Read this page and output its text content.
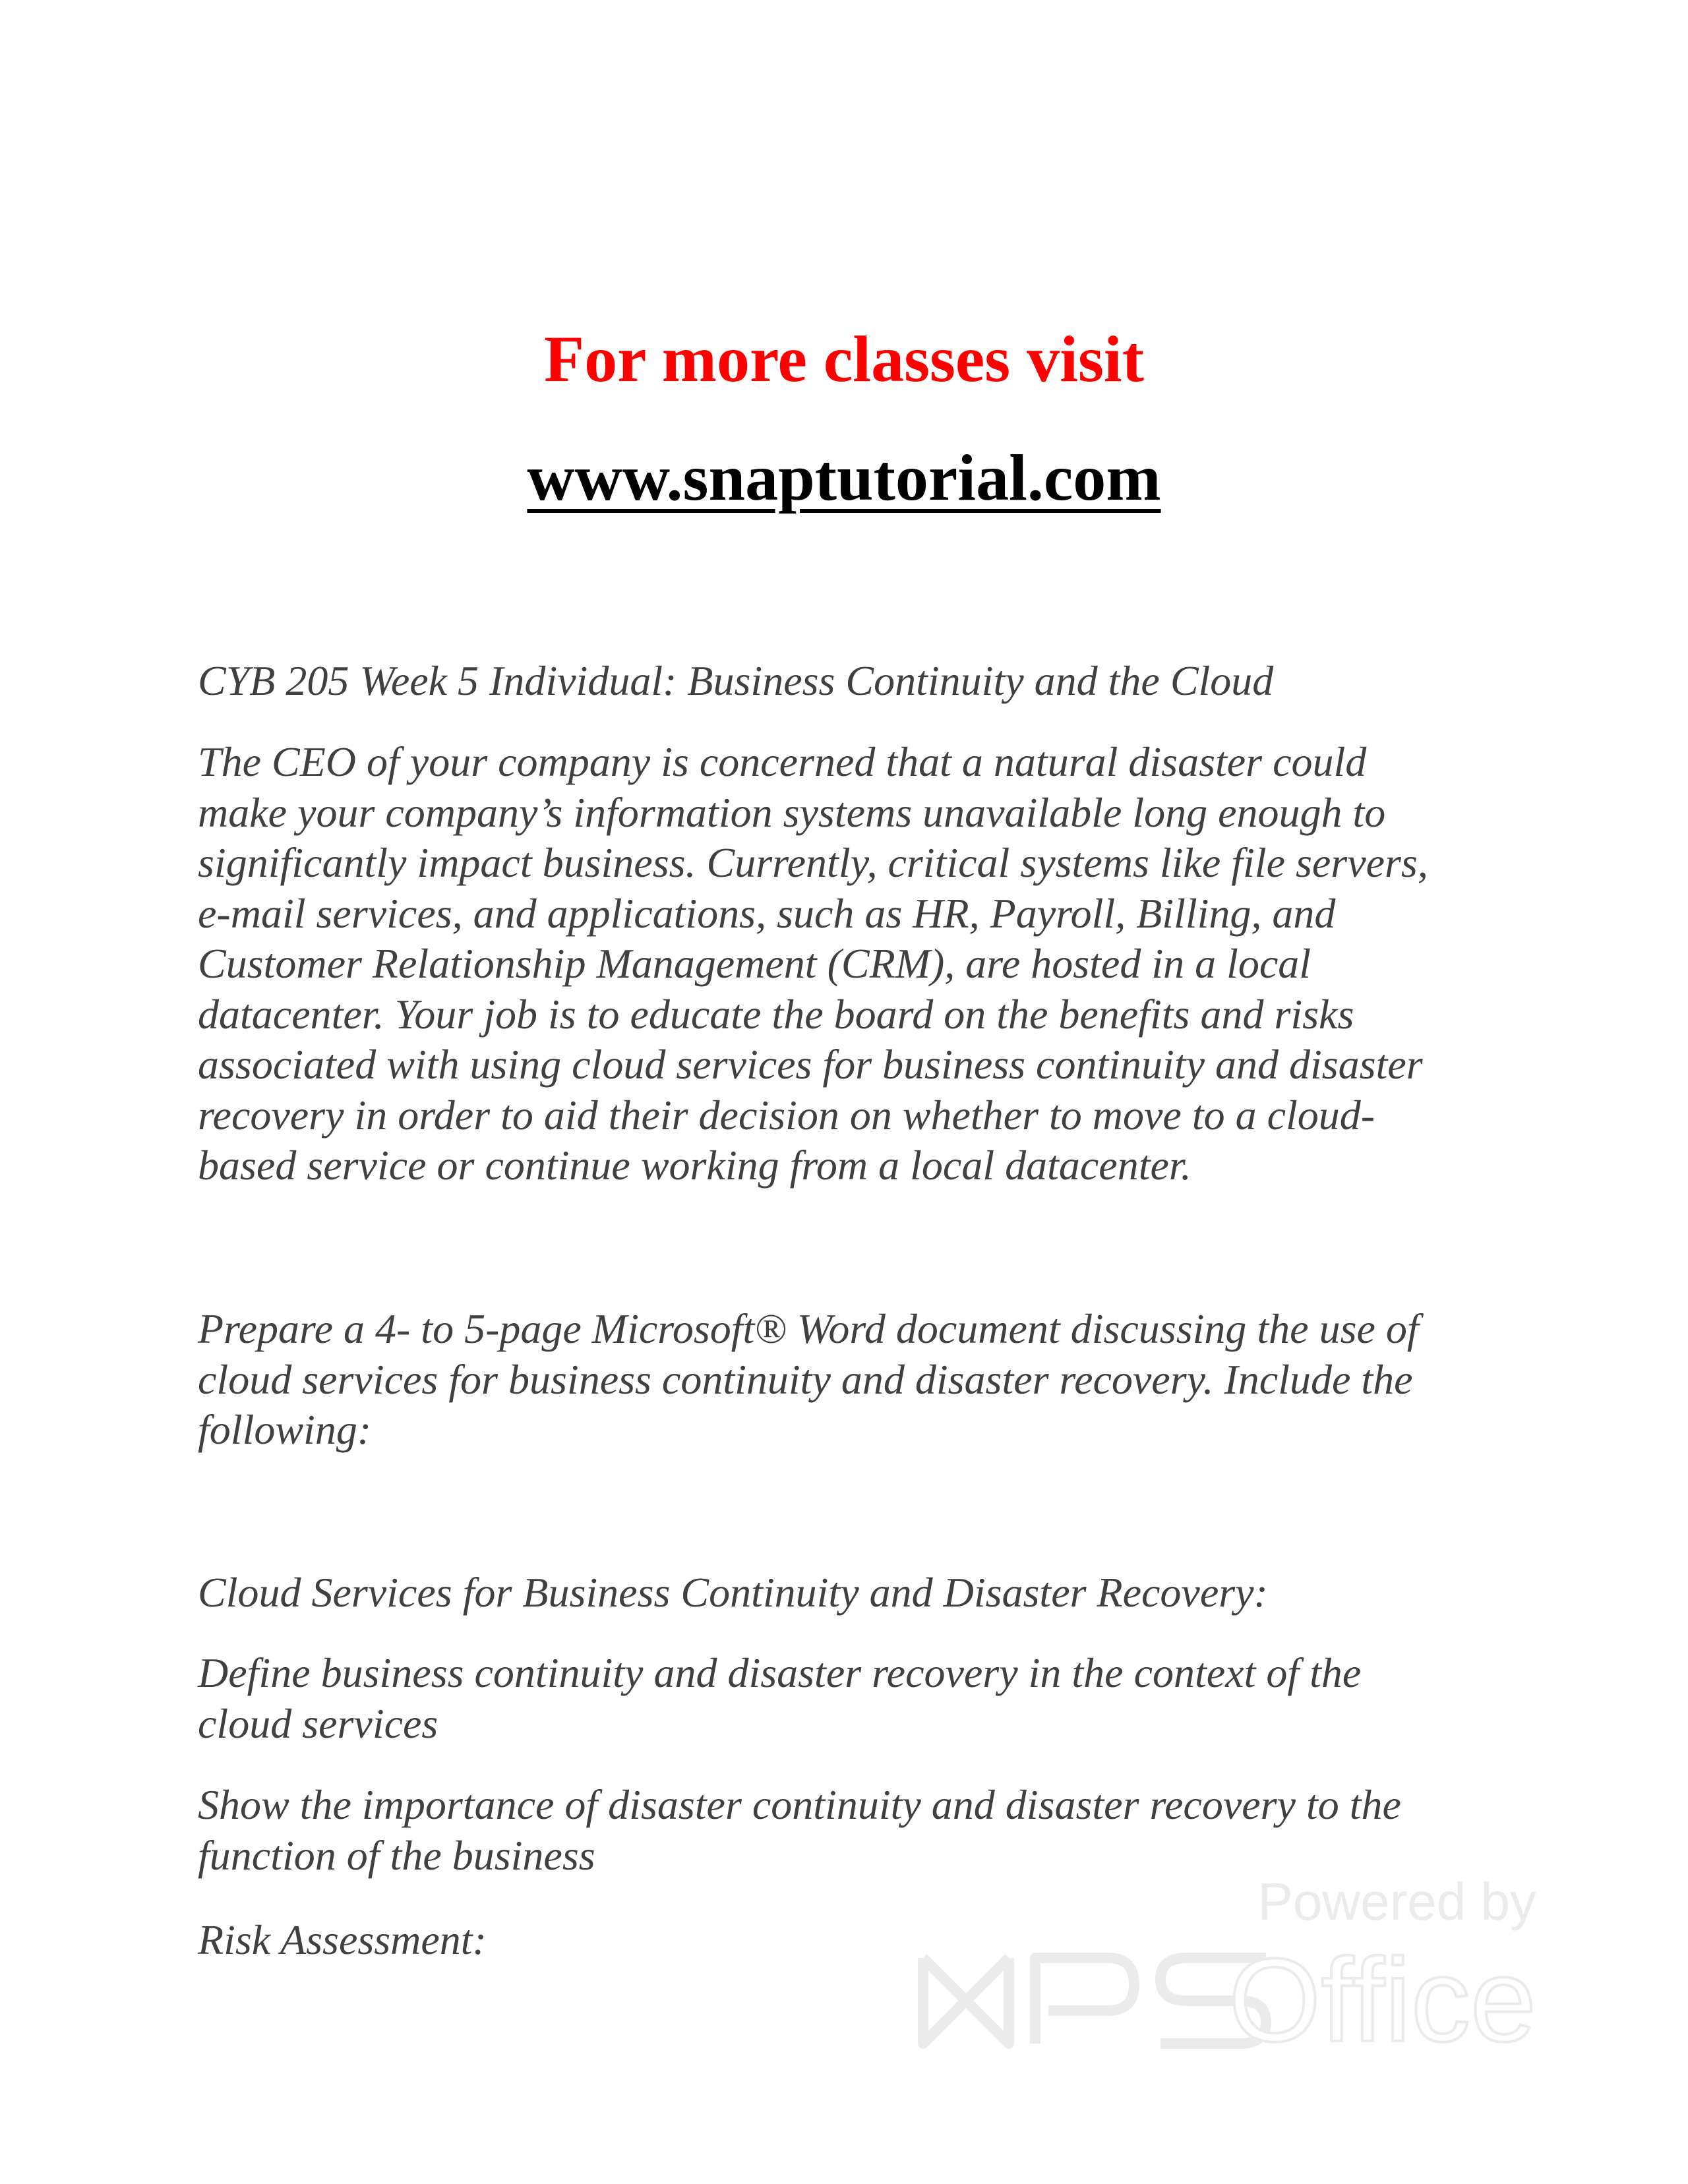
For more classes visit
www.snaptutorial.com

CYB 205 Week 5 Individual: Business Continuity and the Cloud

The CEO of your company is concerned that a natural disaster could
make your company’s information systems unavailable long enough to
significantly impact business. Currently, critical systems like file servers,
e-mail services, and applications, such as HR, Payroll, Billing, and
Customer Relationship Management (CRM), are hosted in a local
datacenter. Your job is to educate the board on the benefits and risks
associated with using cloud services for business continuity and disaster
recovery in order to aid their decision on whether to move to a cloud-
based service or continue working from a local datacenter.

Prepare a 4- to 5-page Microsoft® Word document discussing the use of
cloud services for business continuity and disaster recovery. Include the
following:

Cloud Services for Business Continuity and Disaster Recovery:

Define business continuity and disaster recovery in the context of the
cloud services

Show the importance of disaster continuity and disaster recovery to the
function of the business

Risk Assessment:

Powered by
WPS	Office
